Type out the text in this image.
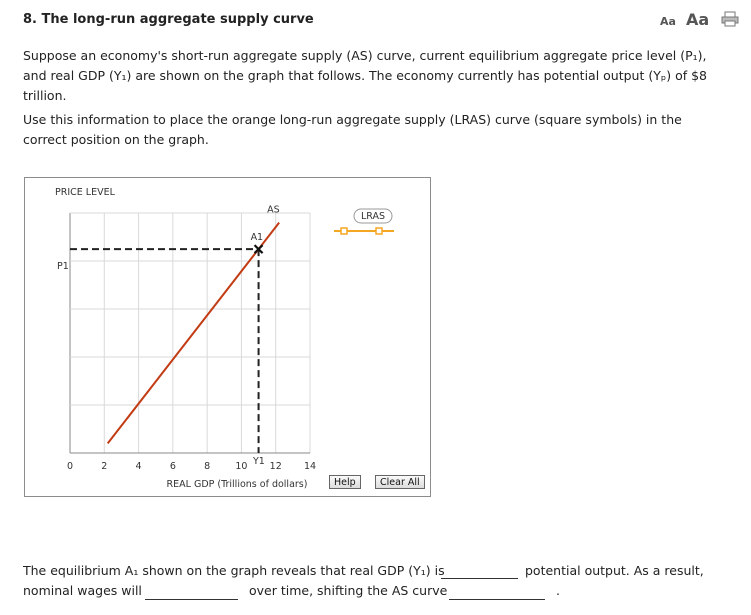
8. The long-run aggregate supply curve	Aa Aa
Suppose an economy's short-run aggregate supply (AS) curve, current equilibrium aggregate price level (P₁), and real GDP (Y₁) are shown on the graph that follows. The economy currently has potential output (Yₚ) of $8 trillion.
Use this information to place the orange long-run aggregate supply (LRAS) curve (square symbols) in the correct position on the graph.
PRICE LEVEL
0	2	4	6	8	10 12 14
REAL GDP (Trillions of dollars)
P1
Y1
AS
A1
LRAS
Help	Clear All
The equilibrium A₁ shown on the graph reveals that real GDP (Y₁) is	potential output. As a result,
nominal wages will	over time, shifting the AS curve	.
